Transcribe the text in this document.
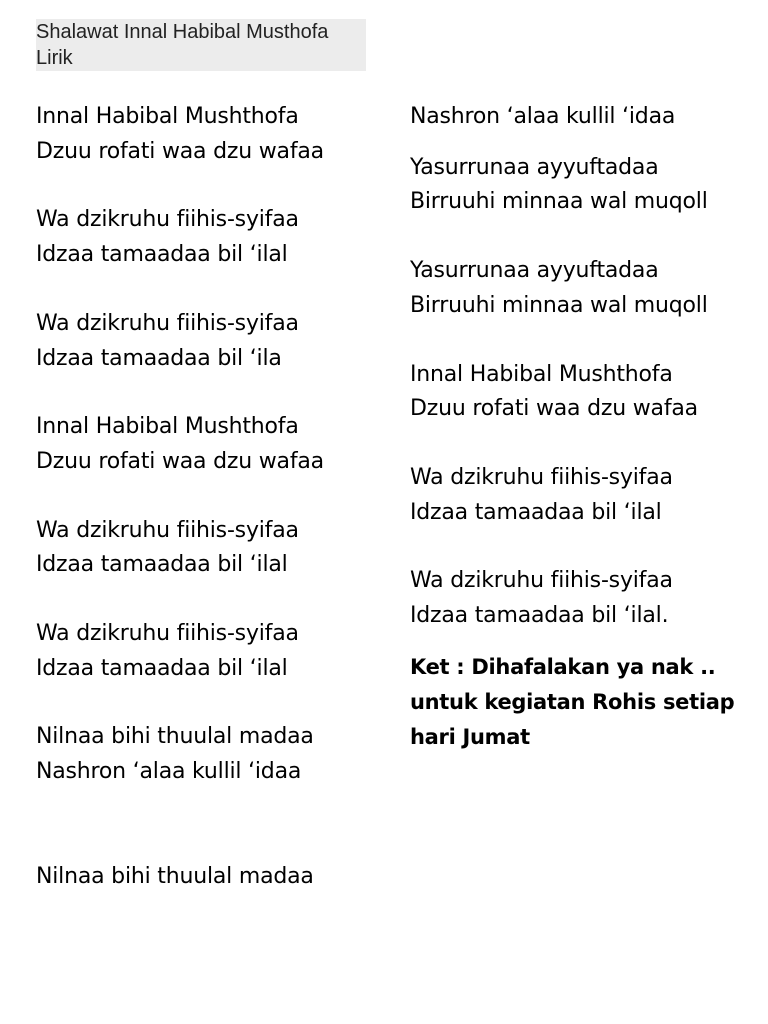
Shalawat Innal Habibal Musthofa
Lirik
Innal Habibal Mushthofa
Dzuu rofati waa dzu wafaa
Wa dzikruhu fiihis-syifaa
Idzaa tamaadaa bil ‘ilal
Wa dzikruhu fiihis-syifaa
Idzaa tamaadaa bil ‘ila
Innal Habibal Mushthofa
Dzuu rofati waa dzu wafaa
Wa dzikruhu fiihis-syifaa
Idzaa tamaadaa bil ‘ilal
Wa dzikruhu fiihis-syifaa
Idzaa tamaadaa bil ‘ilal
Nilnaa bihi thuulal madaa
Nashron ‘alaa kullil ‘idaa
Nilnaa bihi thuulal madaa
Nashron ‘alaa kullil ‘idaa
Yasurrunaa ayyuftadaa
Birruuhi minnaa wal muqoll
Yasurrunaa ayyuftadaa
Birruuhi minnaa wal muqoll
Innal Habibal Mushthofa
Dzuu rofati waa dzu wafaa
Wa dzikruhu fiihis-syifaa
Idzaa tamaadaa bil ‘ilal
Wa dzikruhu fiihis-syifaa
Idzaa tamaadaa bil ‘ilal.
Ket : Dihafalakan ya nak ..
untuk kegiatan Rohis setiap
hari Jumat
